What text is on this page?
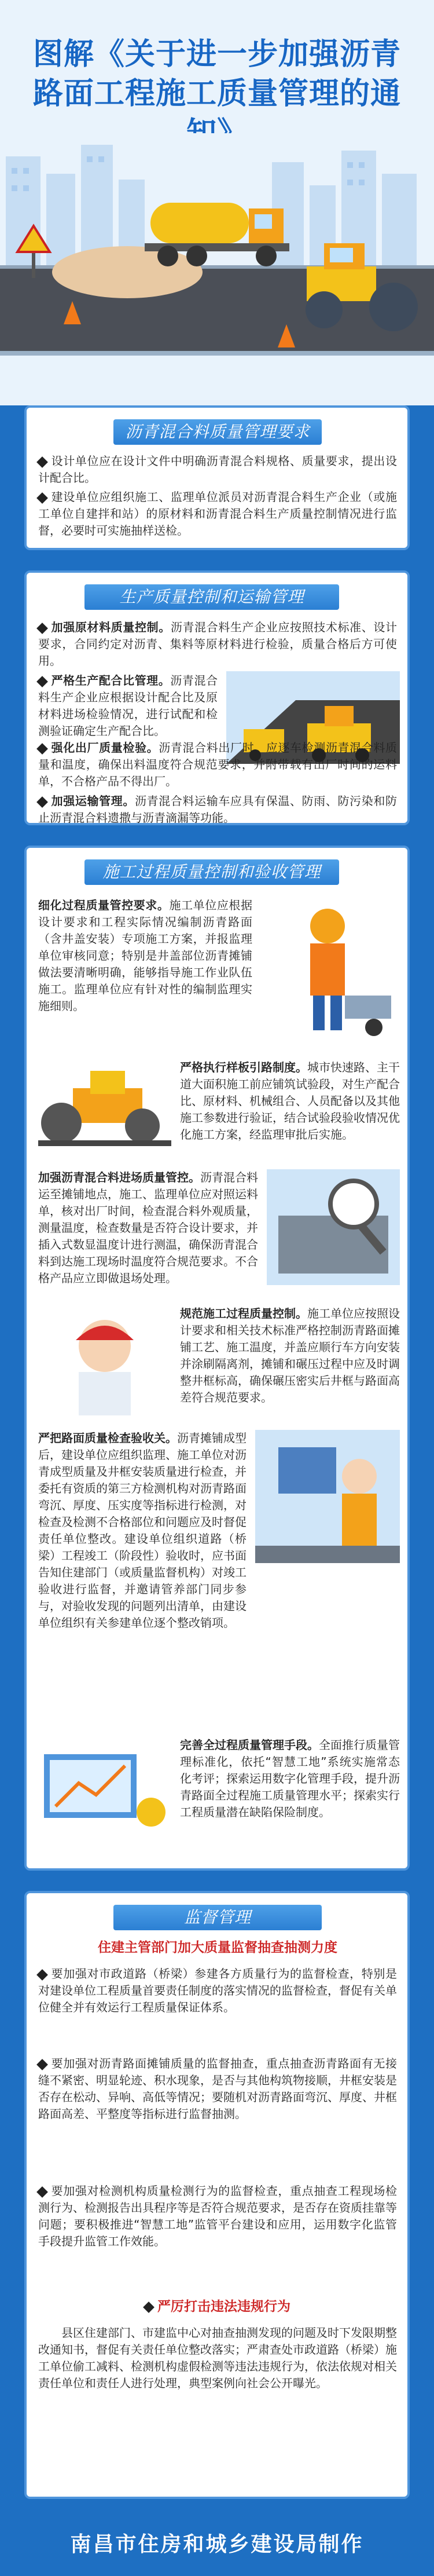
图解《关于进一步加强沥青路面工程施工质量管理的通
沥青混合料质量管理要求
设计单位应在设计文件中明确沥青混合料规格、质量要求，提出设计配合比。
建设单位应组织施工、监理单位派员对沥青混合料生产企业（或施工单位自建拌和站）的原材料和沥青混合料生产质量控制情况进行监督，必要时可实施抽样送检。
生产质量控制和运输管理
加强原材料质量控制。沥青混合料生产企业应按照技术标准、设计要求，合同约定对沥青、集料等原材料进行检验，质量合格后方可使用。
严格生产配合比管理。沥青混合料生产企业应根据设计配合比及原材料进场检验情况，进行试配和检测验证确定生产配合比。
强化出厂质量检验。沥青混合料出厂时，应逐车检测沥青混合料质量和温度，确保出料温度符合规范要求，并附带载有出厂时间的运料单，不合格产品不得出厂。
加强运输管理。沥青混合料运输车应具有保温、防雨、防污染和防止沥青混合料遗撒与沥青滴漏等功能。
施工过程质量控制和验收管理
细化过程质量管控要求。施工单位应根据设计要求和工程实际情况编制沥青路面（含井盖安装）专项施工方案，并报监理单位审核同意；特别是井盖部位沥青摊铺做法要清晰明确，能够指导施工作业队伍施工。监理单位应有针对性的编制监理实施细则。
严格执行样板引路制度。城市快速路、主干道大面积施工前应铺筑试验段，对生产配合比、原材料、机械组合、人员配备以及其他施工参数进行验证，结合试验段验收情况优化施工方案，经监理审批后实施。
加强沥青混合料进场质量管控。沥青混合料运至摊铺地点，施工、监理单位应对照运料单，核对出厂时间，检查混合料外观质量，测量温度，检查数量是否符合设计要求，并插入式数显温度计进行测温，确保沥青混合料到达施工现场时温度符合规范要求。不合格产品应立即做退场处理。
规范施工过程质量控制。施工单位应按照设计要求和相关技术标准严格控制沥青路面摊铺工艺、施工温度，并盖应顺行车方向安装并涂刷隔离剂，摊铺和碾压过程中应及时调整井框标高，确保碾压密实后井框与路面高差符合规范要求。
严把路面质量检查验收关。沥青摊铺成型后，建设单位应组织监理、施工单位对沥青成型质量及井框安装质量进行检查，并委托有资质的第三方检测机构对沥青路面弯沉、厚度、压实度等指标进行检测，对检查及检测不合格部位和问题应及时督促责任单位整改。建设单位组织道路（桥梁）工程竣工（阶段性）验收时，应书面告知住建部门（或质量监督机构）对竣工验收进行监督，并邀请管养部门同步参与，对验收发现的问题列出清单，由建设单位组织有关参建单位逐个整改销项。
完善全过程质量管理手段。全面推行质量管理标准化，依托“智慧工地”系统实施常态化考评；探索运用数字化管理手段，提升沥青路面全过程施工质量管理水平；探索实行工程质量潜在缺陷保险制度。
监督管理
住建主管部门加大质量监督抽查抽测力度
要加强对市政道路（桥梁）参建各方质量行为的监督检查，特别是对建设单位工程质量首要责任制度的落实情况的监督检查，督促有关单位健全并有效运行工程质量保证体系。
要加强对沥青路面摊铺质量的监督抽查，重点抽查沥青路面有无接缝不紧密、明显轮迹、积水现象，是否与其他构筑物接顺，井框安装是否存在松动、异响、高低等情况；要随机对沥青路面弯沉、厚度、井框路面高差、平整度等指标进行监督抽测。
要加强对检测机构质量检测行为的监督检查，重点抽查工程现场检测行为、检测报告出具程序等是否符合规范要求，是否存在资质挂靠等问题；要积极推进“智慧工地”监管平台建设和应用，运用数字化监管手段提升监管工作效能。
严厉打击违法违规行为
县区住建部门、市建监中心对抽查抽测发现的问题及时下发限期整改通知书，督促有关责任单位整改落实；严肃查处市政道路（桥梁）施工单位偷工减料、检测机构虚假检测等违法违规行为，依法依规对相关责任单位和责任人进行处理，典型案例向社会公开曝光。
南昌市住房和城乡建设局制作
